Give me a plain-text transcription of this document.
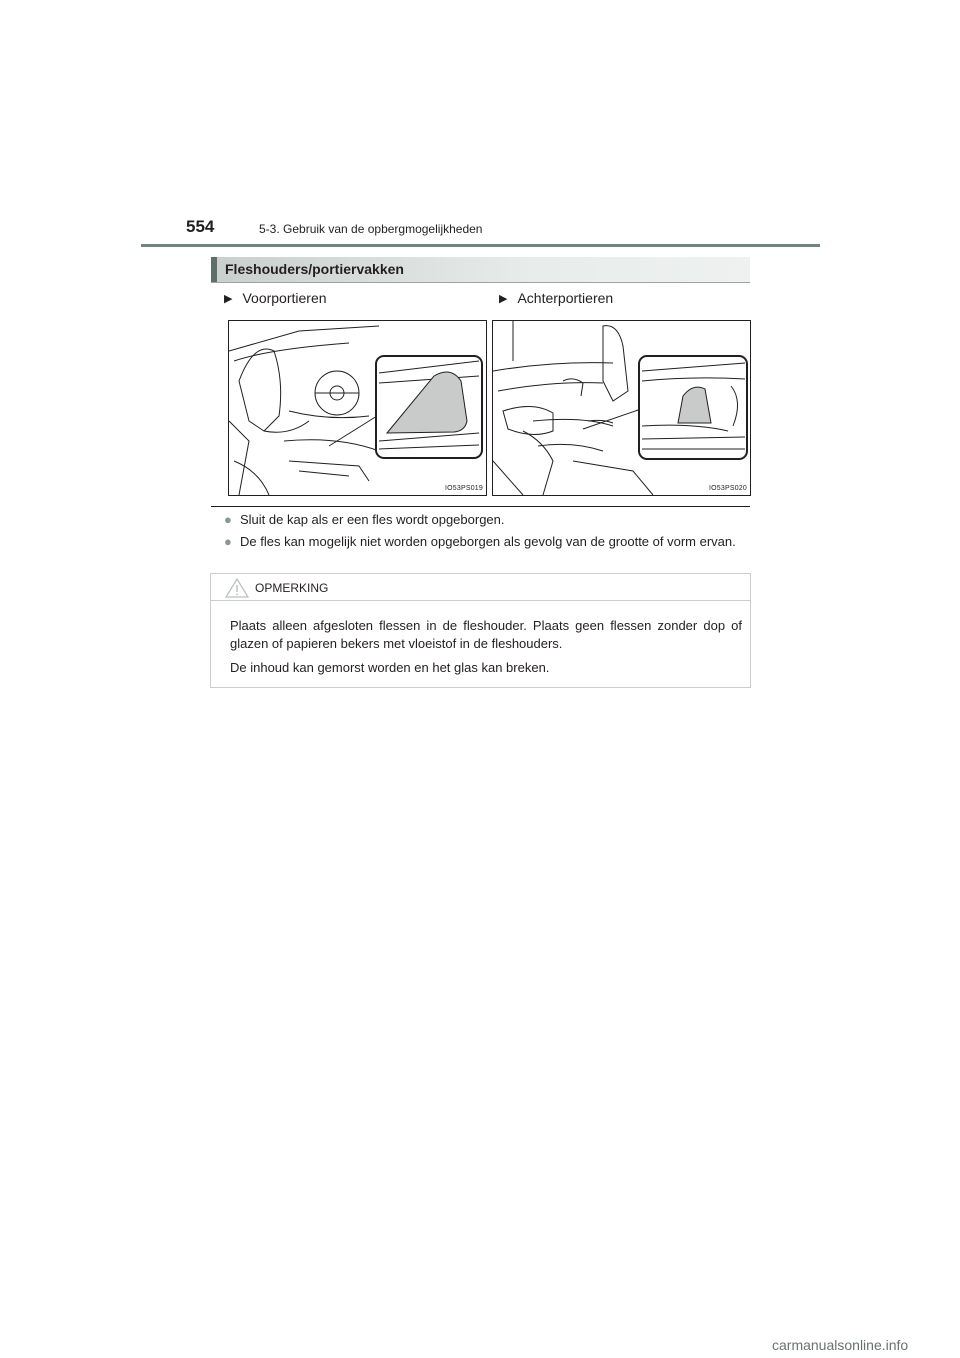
554	5-3. Gebruik van de opbergmogelijkheden
Fleshouders/portiervakken
▶ Voorportieren	▶ Achterportieren
IO53PS019	IO53PS020
● Sluit de kap als er een fles wordt opgeborgen.
● De fles kan mogelijk niet worden opgeborgen als gevolg van de grootte of vorm ervan.
OPMERKING

Plaats alleen afgesloten flessen in de fleshouder. Plaats geen flessen zonder dop of glazen of papieren bekers met vloeistof in de fleshouders.

De inhoud kan gemorst worden en het glas kan breken.

carmanualsonline.info
